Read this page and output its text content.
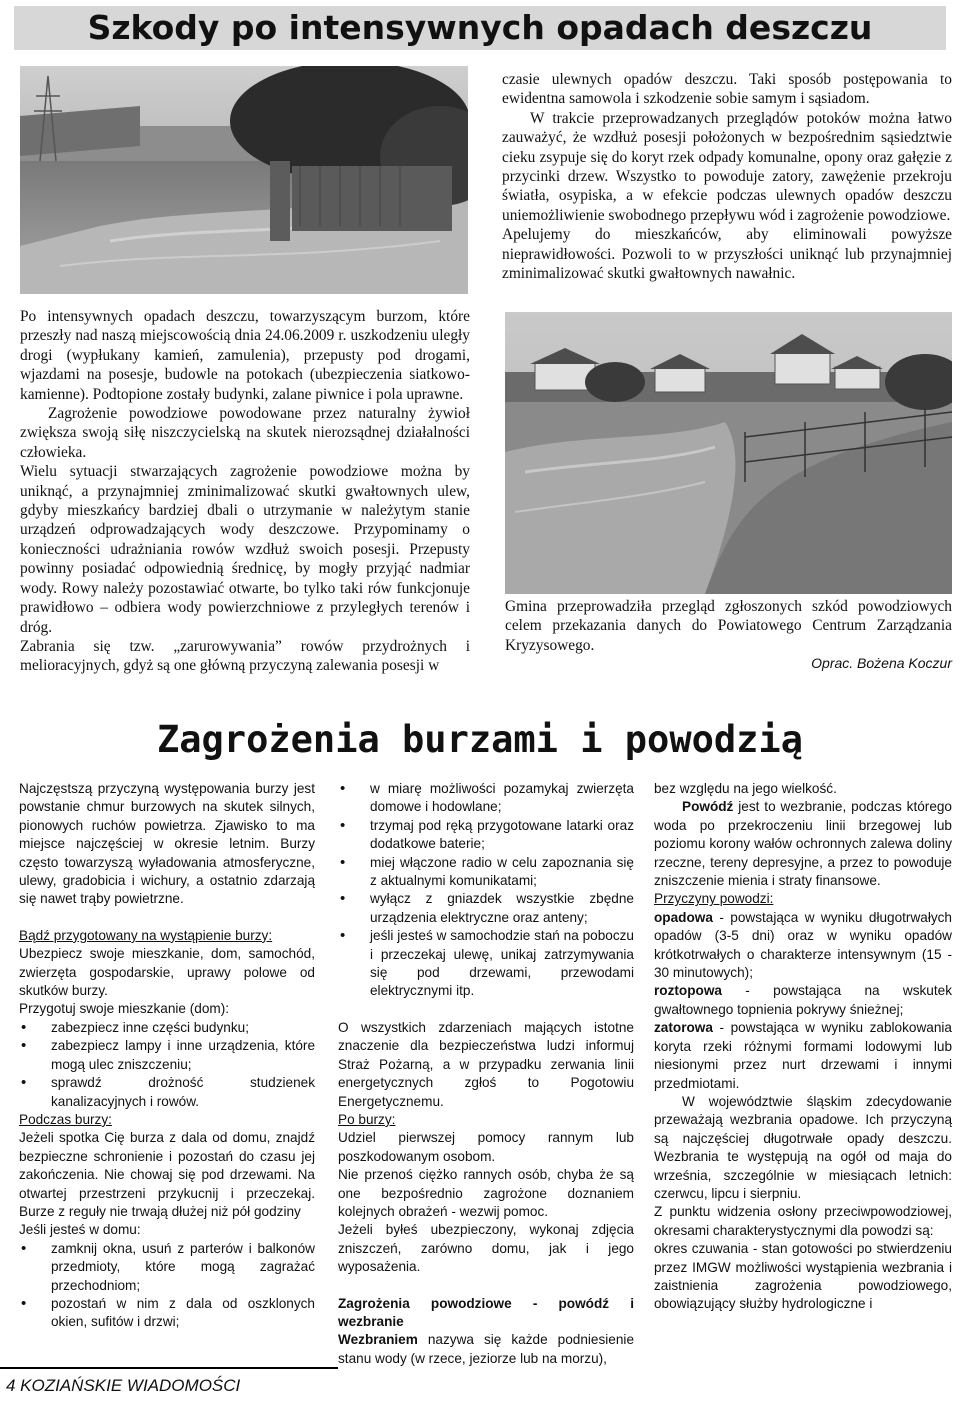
Szkody po intensywnych opadach deszczu

Po intensywnych opadach deszczu, towarzyszącym burzom, które przeszły nad naszą miejscowością dnia 24.06.2009 r. uszkodzeniu uległy drogi (wypłukany kamień, zamulenia), przepusty pod drogami, wjazdami na posesje, budowle na potokach (ubezpieczenia siatkowo-kamienne). Podtopione zostały budynki, zalane piwnice i pola uprawne.

Zagrożenie powodziowe powodowane przez naturalny żywioł zwiększa swoją siłę niszczycielską na skutek nierozsądnej działalności człowieka.

Wielu sytuacji stwarzających zagrożenie powodziowe można by uniknąć, a przynajmniej zminimalizować skutki gwałtownych ulew, gdyby mieszkańcy bardziej dbali o utrzymanie w należytym stanie urządzeń odprowadzających wody deszczowe. Przypominamy o konieczności udrażniania rowów wzdłuż swoich posesji. Przepusty powinny posiadać odpowiednią średnicę, by mogły przyjąć nadmiar wody. Rowy należy pozostawiać otwarte, bo tylko taki rów funkcjonuje prawidłowo – odbiera wody powierzchniowe z przyległych terenów i dróg.

Zabrania się tzw. „zarurowywania” rowów przydrożnych i melioracyjnych, gdyż są one główną przyczyną zalewania posesji w

czasie ulewnych opadów deszczu. Taki sposób postępowania to ewidentna samowola i szkodzenie sobie samym i sąsiadom.

W trakcie przeprowadzanych przeglądów potoków można łatwo zauważyć, że wzdłuż posesji położonych w bezpośrednim sąsiedztwie cieku zsypuje się do koryt rzek odpady komunalne, opony oraz gałęzie z przycinki drzew. Wszystko to powoduje zatory, zawężenie przekroju światła, osypiska, a w efekcie podczas ulewnych opadów deszczu uniemożliwienie swobodnego przepływu wód i zagrożenie powodziowe.

Apelujemy do mieszkańców, aby eliminowali powyższe nieprawidłowości. Pozwoli to w przyszłości uniknąć lub przynajmniej zminimalizować skutki gwałtownych nawałnic.

Gmina przeprowadziła przegląd zgłoszonych szkód powodziowych celem przekazania danych do Powiatowego Centrum Zarządzania Kryzysowego.
Oprac. Bożena Koczur
Zagrożenia burzami i powodzią

Najczęstszą przyczyną występowania burzy jest powstanie chmur burzowych na skutek silnych, pionowych ruchów powietrza. Zjawisko to ma miejsce najczęściej w okresie letnim. Burzy często towarzyszą wyładowania atmosferyczne, ulewy, gradobicia i wichury, a ostatnio zdarzają się nawet trąby powietrzne.

Bądź przygotowany na wystąpienie burzy:

Ubezpiecz swoje mieszkanie, dom, samochód, zwierzęta gospodarskie, uprawy polowe od skutków burzy.

Przygotuj swoje mieszkanie (dom):

• zabezpiecz inne części budynku;
• zabezpiecz lampy i inne urządzenia, które mogą ulec zniszczeniu;
• sprawdź drożność studzienek kanalizacyjnych i rowów.

Podczas burzy:

Jeżeli spotka Cię burza z dala od domu, znajdź bezpieczne schronienie i pozostań do czasu jej zakończenia. Nie chowaj się pod drzewami. Na otwartej przestrzeni przykucnij i przeczekaj. Burze z reguły nie trwają dłużej niż pół godziny

Jeśli jesteś w domu:

• zamknij okna, usuń z parterów i balkonów przedmioty, które mogą zagrażać przechodniom;
• pozostań w nim z dala od oszklonych okien, sufitów i drzwi;
• w miarę możliwości pozamykaj zwierzęta domowe i hodowlane;
• trzymaj pod ręką przygotowane latarki oraz dodatkowe baterie;
• miej włączone radio w celu zapoznania się z aktualnymi komunikatami;
• wyłącz z gniazdek wszystkie zbędne urządzenia elektryczne oraz anteny;
• jeśli jesteś w samochodzie stań na poboczu i przeczekaj ulewę, unikaj zatrzymywania się pod drzewami, przewodami elektrycznymi itp.

O wszystkich zdarzeniach mających istotne znaczenie dla bezpieczeństwa ludzi informuj Straż Pożarną, a w przypadku zerwania linii energetycznych zgłoś to Pogotowiu Energetycznemu.

Po burzy:

Udziel pierwszej pomocy rannym lub poszkodowanym osobom.

Nie przenoś ciężko rannych osób, chyba że są one bezpośrednio zagrożone doznaniem kolejnych obrażeń - wezwij pomoc.

Jeżeli byłeś ubezpieczony, wykonaj zdjęcia zniszczeń, zarówno domu, jak i jego wyposażenia.

Zagrożenia powodziowe - powódź i wezbranie

Wezbraniem nazywa się każde podniesienie stanu wody (w rzece, jeziorze lub na morzu),

bez względu na jego wielkość.

Powódź jest to wezbranie, podczas którego woda po przekroczeniu linii brzegowej lub poziomu korony wałów ochronnych zalewa doliny rzeczne, tereny depresyjne, a przez to powoduje zniszczenie mienia i straty finansowe.

Przyczyny powodzi:

opadowa - powstająca w wyniku długotrwałych opadów (3-5 dni) oraz w wyniku opadów krótkotrwałych o charakterze intensywnym (15 - 30 minutowych);

roztopowa - powstająca na wskutek gwałtownego topnienia pokrywy śnieżnej;

zatorowa - powstająca w wyniku zablokowania koryta rzeki różnymi formami lodowymi lub niesionymi przez nurt drzewami i innymi przedmiotami.

W województwie śląskim zdecydowanie przeważają wezbrania opadowe. Ich przyczyną są najczęściej długotrwałe opady deszczu. Wezbrania te występują na ogół od maja do września, szczególnie w miesiącach letnich: czerwcu, lipcu i sierpniu.

Z punktu widzenia osłony przeciwpowodziowej, okresami charakterystycznymi dla powodzi są:

okres czuwania - stan gotowości po stwierdzeniu przez IMGW możliwości wystąpienia wezbrania i zaistnienia zagrożenia powodziowego, obowiązujący służby hydrologiczne i

4 KOZIAŃSKIE WIADOMOŚCI
